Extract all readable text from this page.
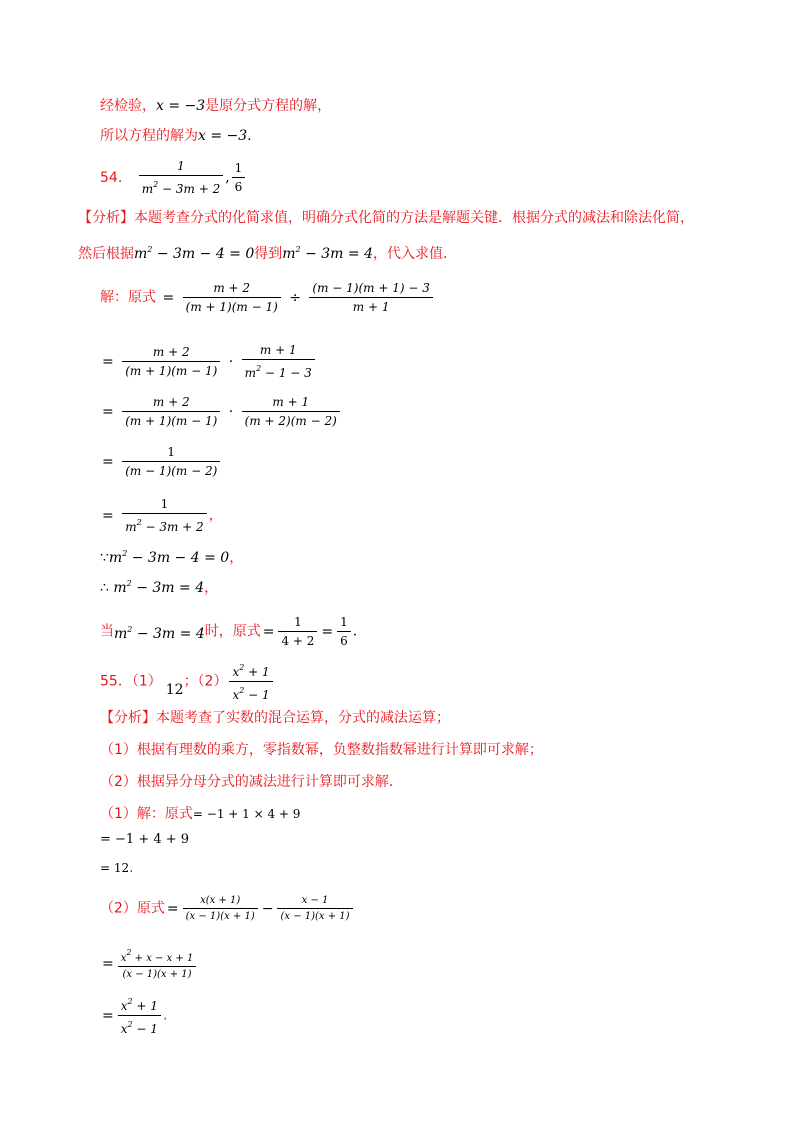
经检验，x = −3是原分式方程的解，
所以方程的解为x = −3.
54. $\frac{1}{m^2 - 3m + 2}$ , $\frac{1}{6}$
【分析】本题考查分式的化简求值，明确分式化简的方法是解题关键．根据分式的减法和除法化简，
然后根据$m^2 - 3m - 4 = 0$得到$m^2 - 3m = 4$，代入求值．
解：原式 = $\frac{m + 2}{(m + 1)(m - 1)} \div \frac{(m - 1)(m + 1) - 3}{m + 1}$
= $\frac{m + 2}{(m + 1)(m - 1)} \cdot \frac{m + 1}{m^2 - 1 - 3}$
= $\frac{m + 2}{(m + 1)(m - 1)} \cdot \frac{m + 1}{(m + 2)(m - 2)}$
= $\frac{1}{(m - 1)(m - 2)}$
= $\frac{1}{m^2 - 3m + 2}$ ，
$\because m^2 - 3m - 4 = 0$，
∴ $m^2 - 3m = 4$，
当$m^2 - 3m = 4$时，原式 = $\frac{1}{4 + 2} = \frac{1}{6}$ .
55．（1） 12；$(2) \frac{x^2 + 1}{x^2 - 1}$
【分析】本题考查了实数的混合运算，分式的减法运算；
（1）根据有理数的乘方，零指数幂，负整数指数幂进行计算即可求解；
（2）根据异分母分式的减法进行计算即可求解．
（1）解：原式= −1 + 1 × 4 + 9
= −1 + 4 + 9
= 12.
（2）原式 = $\frac{x(x + 1)}{(x - 1)(x + 1)} - \frac{x - 1}{(x - 1)(x + 1)}$
= $\frac{x^2 + x - x + 1}{(x - 1)(x + 1)}$
= $\frac{x^2 + 1}{x^2 - 1}$ .
